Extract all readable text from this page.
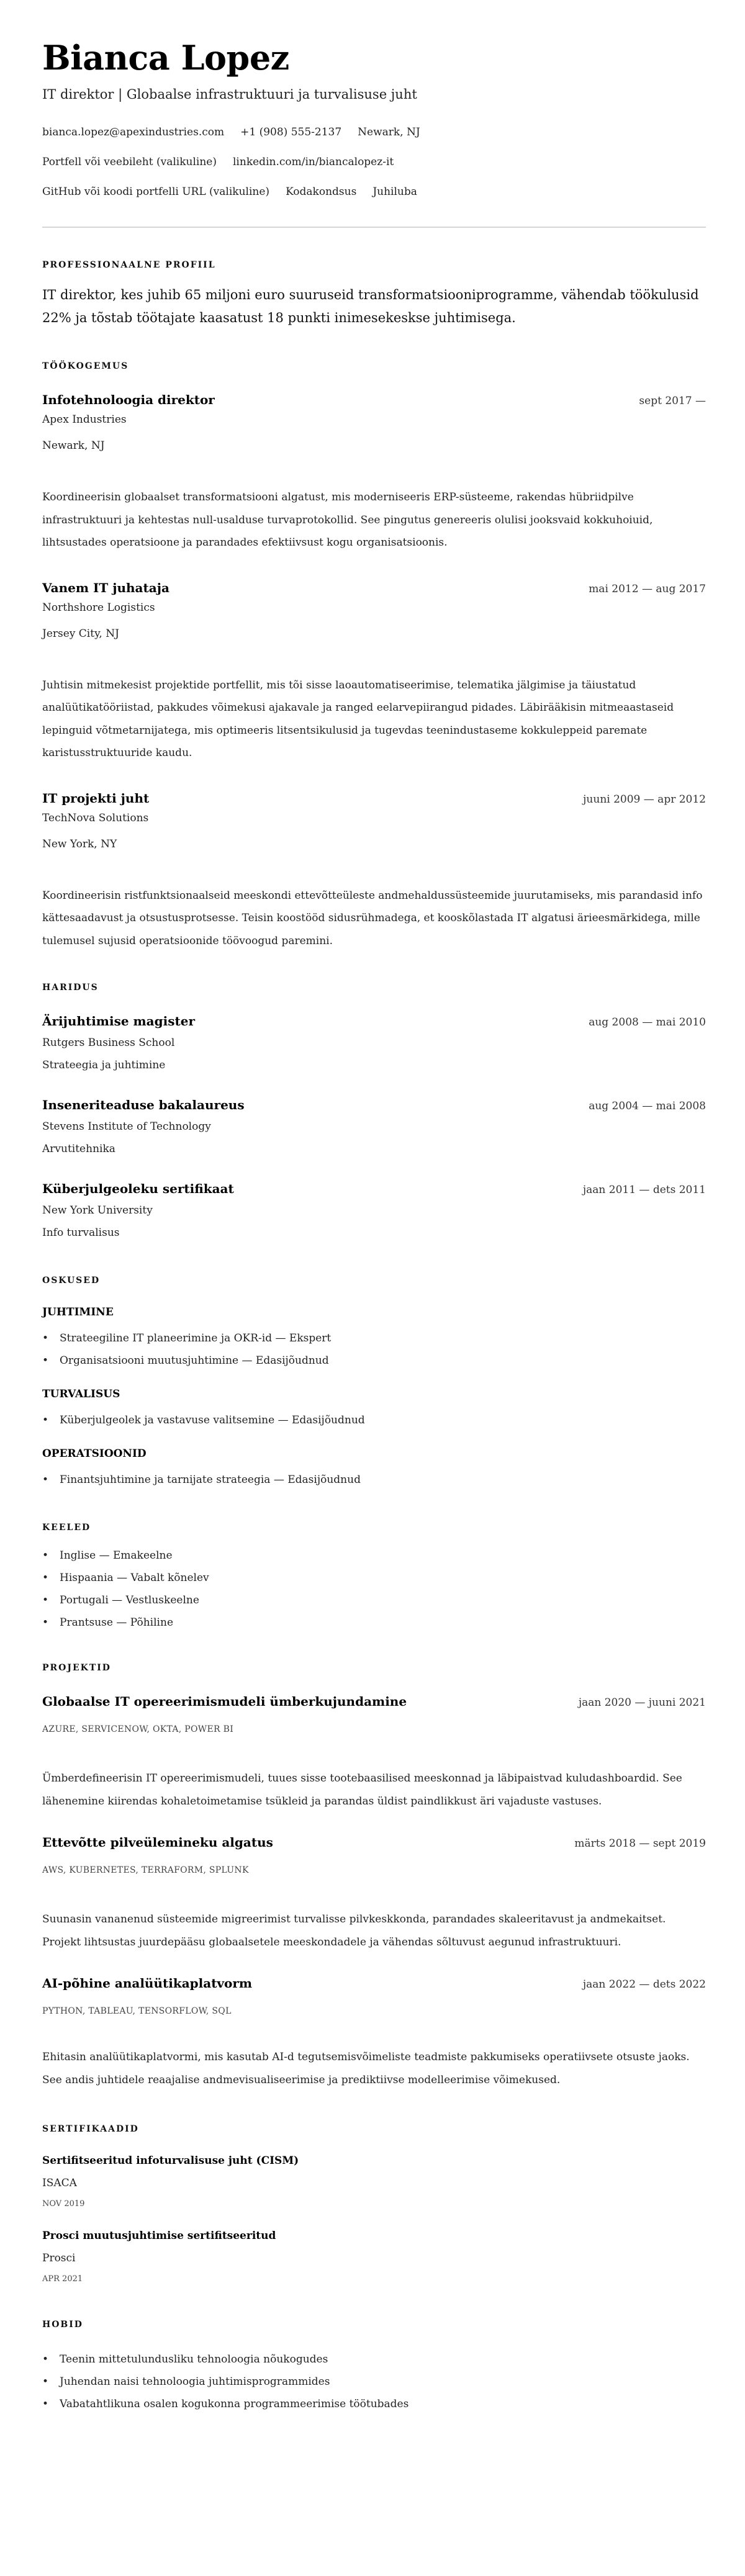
Bianca Lopez
IT direktor | Globaalse infrastruktuuri ja turvalisuse juht
bianca.lopez@apexindustries.com +1 (908) 555-2137 Newark, NJ
Portfell või veebileht (valikuline) linkedin.com/in/biancalopez-it
GitHub või koodi portfelli URL (valikuline) Kodakondsus Juhiluba
PROFESSIONAALNE PROFIIL
IT direktor, kes juhib 65 miljoni euro suuruseid transformatsiooniprogramme, vähendab töökulusid 22% ja tõstab töötajate kaasatust 18 punkti inimesekeskse juhtimisega.
TÖÖKOGEMUS
Infotehnoloogia direktor	sept 2017 —
Apex Industries
Newark, NJ
Koordineerisin globaalset transformatsiooni algatust, mis moderniseeris ERP-süsteeme, rakendas hübriidpilve infrastruktuuri ja kehtestas null-usalduse turvaprotokollid. See pingutus genereeris olulisi jooksvaid kokkuhoiuid, lihtsustades operatsioone ja parandades efektiivsust kogu organisatsioonis.
Vanem IT juhataja	mai 2012 — aug 2017
Northshore Logistics
Jersey City, NJ
Juhtisin mitmekesist projektide portfellit, mis tõi sisse laoautomatiseerimise, telematika jälgimise ja täiustatud analüütikatööriistad, pakkudes võimekusi ajakavale ja ranged eelarvepiirangud pidades. Läbirääkisin mitmeaastaseid lepinguid võtmetarnijatega, mis optimeeris litsentsikulusid ja tugevdas teenindustaseme kokkuleppeid paremate karistusstruktuuride kaudu.
IT projekti juht	juuni 2009 — apr 2012
TechNova Solutions
New York, NY
Koordineerisin ristfunktsionaalseid meeskondi ettevõtteüleste andmehaldussüsteemide juurutamiseks, mis parandasid info kättesaadavust ja otsustusprotsesse. Teisin koostööd sidusrühmadega, et kooskõlastada IT algatusi ärieesmärkidega, mille tulemusel sujusid operatsioonide töövoogud paremini.
HARIDUS
Ärijuhtimise magister	aug 2008 — mai 2010
Rutgers Business School
Strateegia ja juhtimine
Inseneriteaduse bakalaureus	aug 2004 — mai 2008
Stevens Institute of Technology
Arvutitehnika
Küberjulgeoleku sertifikaat	jaan 2011 — dets 2011
New York University
Info turvalisus
OSKUSED
JUHTIMINE
• Strateegiline IT planeerimine ja OKR-id — Ekspert
• Organisatsiooni muutusjuhtimine — Edasijõudnud
TURVALISUS
• Küberjulgeolek ja vastavuse valitsemine — Edasijõudnud
OPERATSIOONID
• Finantsjuhtimine ja tarnijate strateegia — Edasijõudnud
KEELED
• Inglise — Emakeelne
• Hispaania — Vabalt kõnelev
• Portugali — Vestluskeelne
• Prantsuse — Põhiline
PROJEKTID
Globaalse IT opereerimismudeli ümberkujundamine	jaan 2020 — juuni 2021
AZURE, SERVICENOW, OKTA, POWER BI
Ümberdefineerisin IT opereerimismudeli, tuues sisse tootebaasilised meeskonnad ja läbipaistvad kuludashboardid. See lähenemine kiirendas kohaletoimetamise tsükleid ja parandas üldist paindlikkust äri vajaduste vastuses.
Ettevõtte pilveülemineku algatus	märts 2018 — sept 2019
AWS, KUBERNETES, TERRAFORM, SPLUNK
Suunasin vananenud süsteemide migreerimist turvalisse pilvkeskkonda, parandades skaleeritavust ja andmekaitset. Projekt lihtsustas juurdepääsu globaalsetele meeskondadele ja vähendas sõltuvust aegunud infrastruktuuri.
AI-põhine analüütikaplatvorm	jaan 2022 — dets 2022
PYTHON, TABLEAU, TENSORFLOW, SQL
Ehitasin analüütikaplatvormi, mis kasutab AI-d tegutsemisvõimeliste teadmiste pakkumiseks operatiivsete otsuste jaoks. See andis juhtidele reaajalise andmevisualiseerimise ja prediktiivse modelleerimise võimekused.
SERTIFIKAADID
Sertifitseeritud infoturvalisuse juht (CISM)
ISACA
NOV 2019
Prosci muutusjuhtimise sertifitseeritud
Prosci
APR 2021
HOBID
• Teenin mittetulundusliku tehnoloogia nõukogudes
• Juhendan naisi tehnoloogia juhtimisprogrammides
• Vabatahtlikuna osalen kogukonna programmeerimise töötubades
